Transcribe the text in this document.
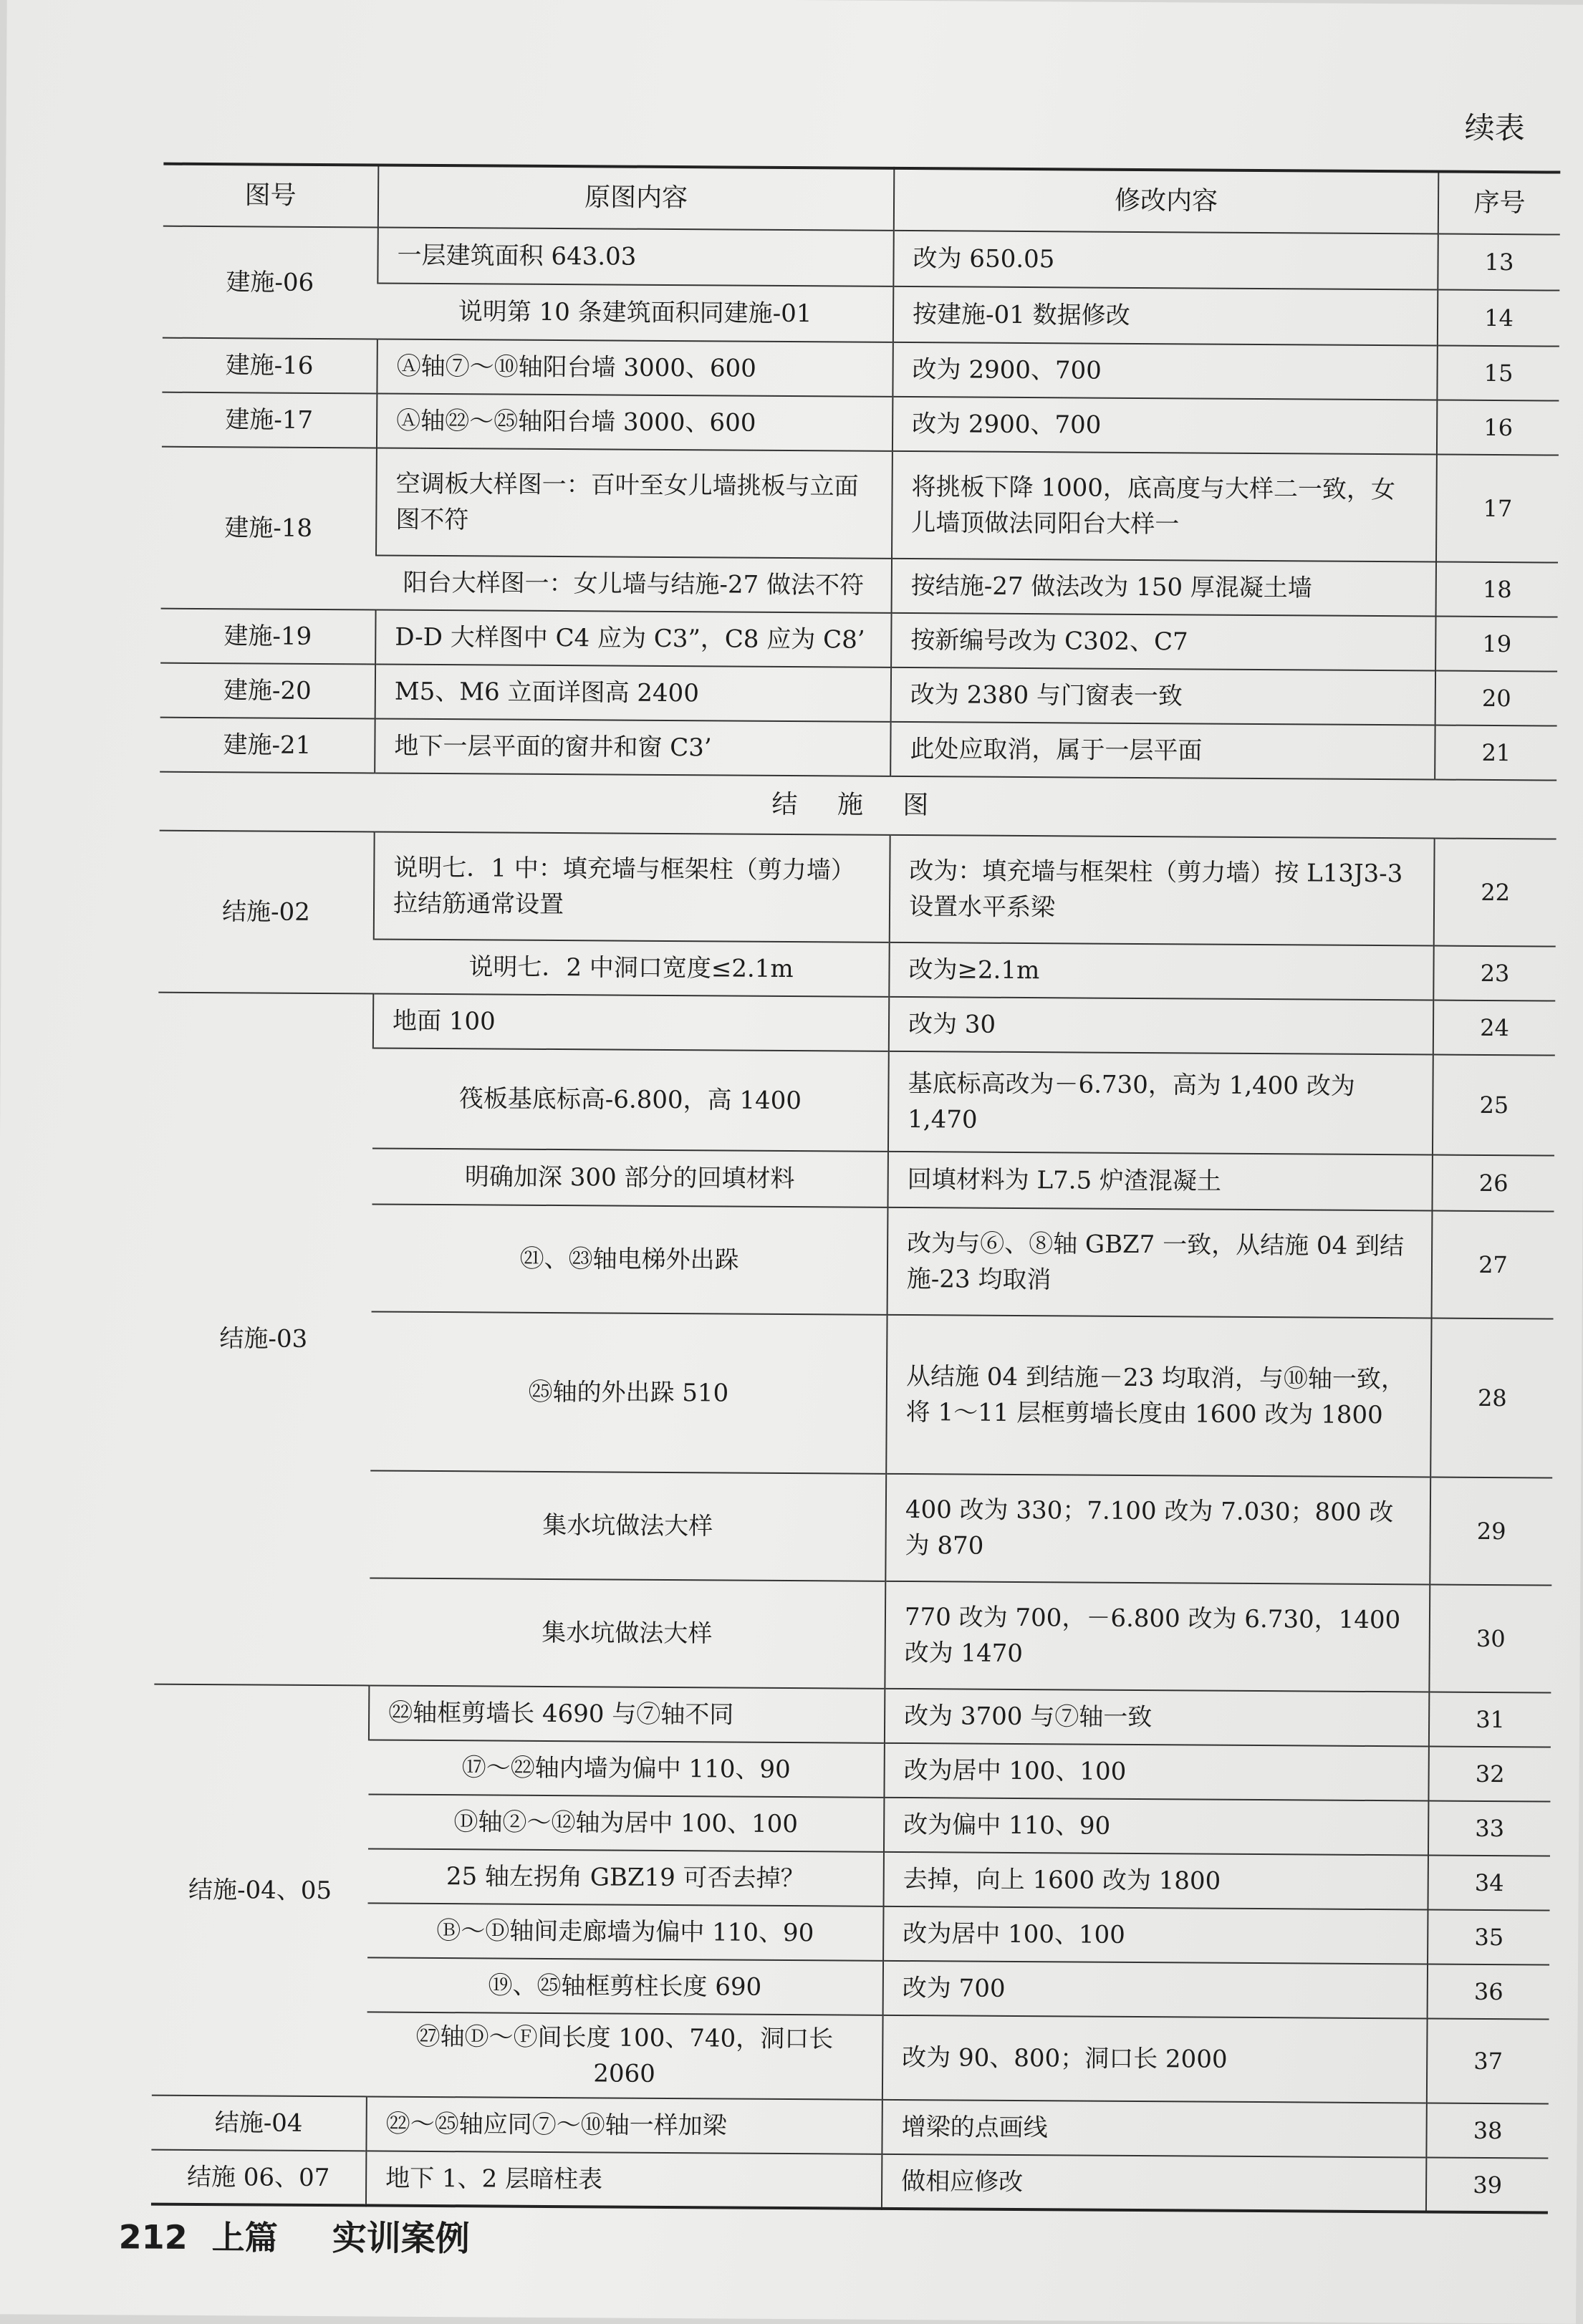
续表
图号	原图内容	修改内容	序号
建施-06	一层建筑面积 643.03	改为 650.05	13
	说明第 10 条建筑面积同建施-01	按建施-01 数据修改	14
建施-16	Ⓐ轴⑦～⑩轴阳台墙 3000、600	改为 2900、700	15
建施-17	Ⓐ轴㉒～㉕轴阳台墙 3000、600	改为 2900、700	16
建施-18	空调板大样图一：百叶至女儿墙挑板与立面图不符	将挑板下降 1000，底高度与大样二一致，女儿墙顶做法同阳台大样一	17
	阳台大样图一：女儿墙与结施-27 做法不符	按结施-27 做法改为 150 厚混凝土墙	18
建施-19	D-D 大样图中 C4 应为 C3”，C8 应为 C8’	按新编号改为 C302、C7	19
建施-20	M5、M6 立面详图高 2400	改为 2380 与门窗表一致	20
建施-21	地下一层平面的窗井和窗 C3’	此处应取消，属于一层平面	21
结 施 图			
结施-02	说明七．1 中：填充墙与框架柱（剪力墙）拉结筋通常设置	改为：填充墙与框架柱（剪力墙）按 L13J3-3 设置水平系梁	22
	说明七．2 中洞口宽度≤2.1m	改为≥2.1m	23
结施-03	地面 100	改为 30	24
	筏板基底标高-6.800，高 1400	基底标高改为－6.730，高为 1,400 改为 1,470	25
	明确加深 300 部分的回填材料	回填材料为 L7.5 炉渣混凝土	26
	㉑、㉓轴电梯外出跺	改为与⑥、⑧轴 GBZ7 一致，从结施 04 到结施-23 均取消	27
	㉕轴的外出跺 510	从结施 04 到结施－23 均取消，与⑩轴一致，将 1～11 层框剪墙长度由 1600 改为 1800	28
	集水坑做法大样	400 改为 330；7.100 改为 7.030；800 改为 870	29
	集水坑做法大样	770 改为 700，－6.800 改为 6.730，1400 改为 1470	30
结施-04、05	㉒轴框剪墙长 4690 与⑦轴不同	改为 3700 与⑦轴一致	31
	⑰～㉒轴内墙为偏中 110、90	改为居中 100、100	32
	Ⓓ轴②～⑫轴为居中 100、100	改为偏中 110、90	33
	25 轴左拐角 GBZ19 可否去掉？	去掉，向上 1600 改为 1800	34
	Ⓑ～Ⓓ轴间走廊墙为偏中 110、90	改为居中 100、100	35
	⑲、㉕轴框剪柱长度 690	改为 700	36
	㉗轴Ⓓ～Ⓕ间长度 100、740，洞口长 2060	改为 90、800；洞口长 2000	37
结施-04	㉒～㉕轴应同⑦～⑩轴一样加梁	增梁的点画线	38
结施 06、07	地下 1、2 层暗柱表	做相应修改	39
212 上篇 实训案例
